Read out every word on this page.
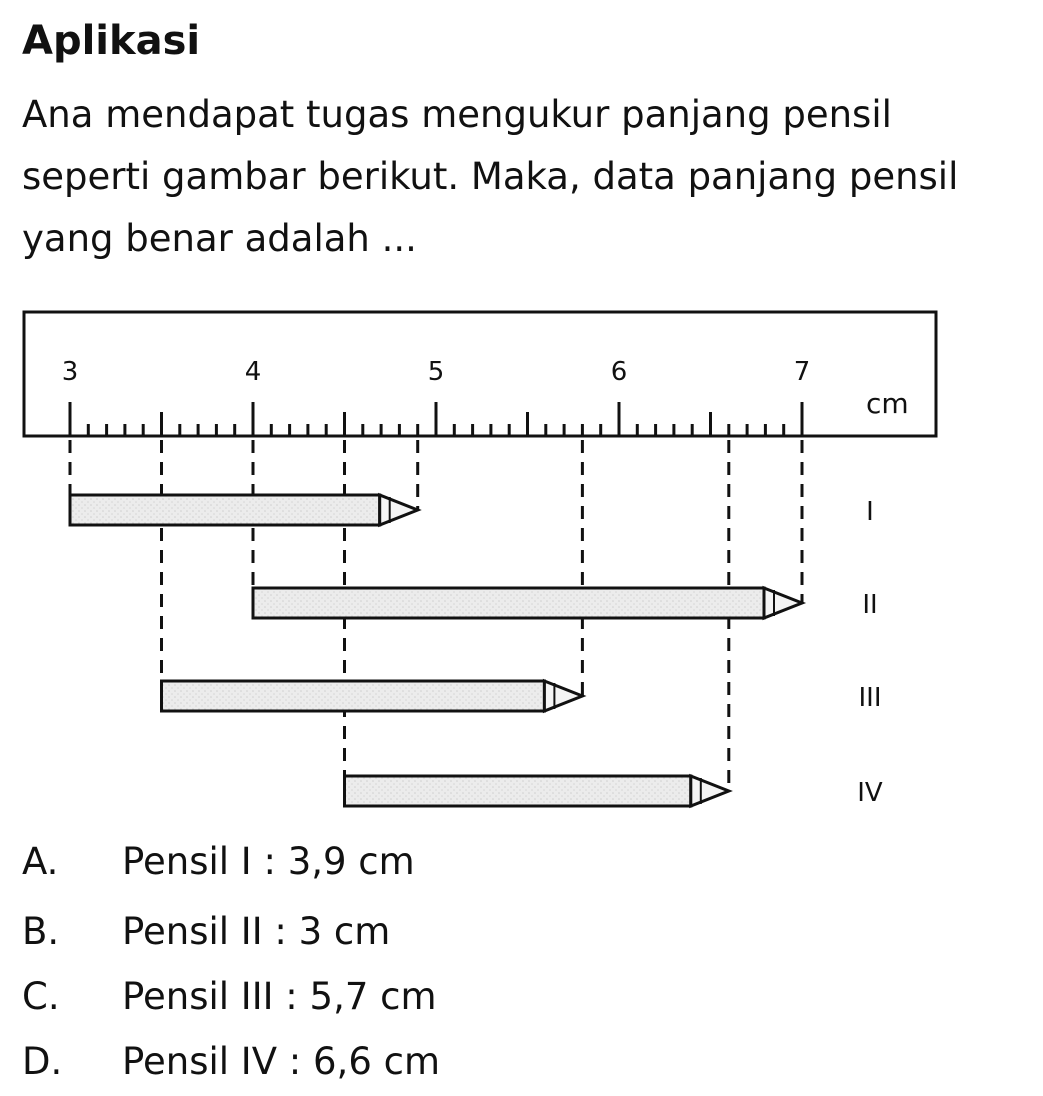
Aplikasi

Ana mendapat tugas mengukur panjang pensil seperti gambar berikut. Maka, data panjang pensil yang benar adalah ...

3	4	5	6	7
cm
I
II
III
IV
A. Pensil I : 3,9 cm
B. Pensil II : 3 cm
C. Pensil III : 5,7 cm
D. Pensil IV : 6,6 cm
